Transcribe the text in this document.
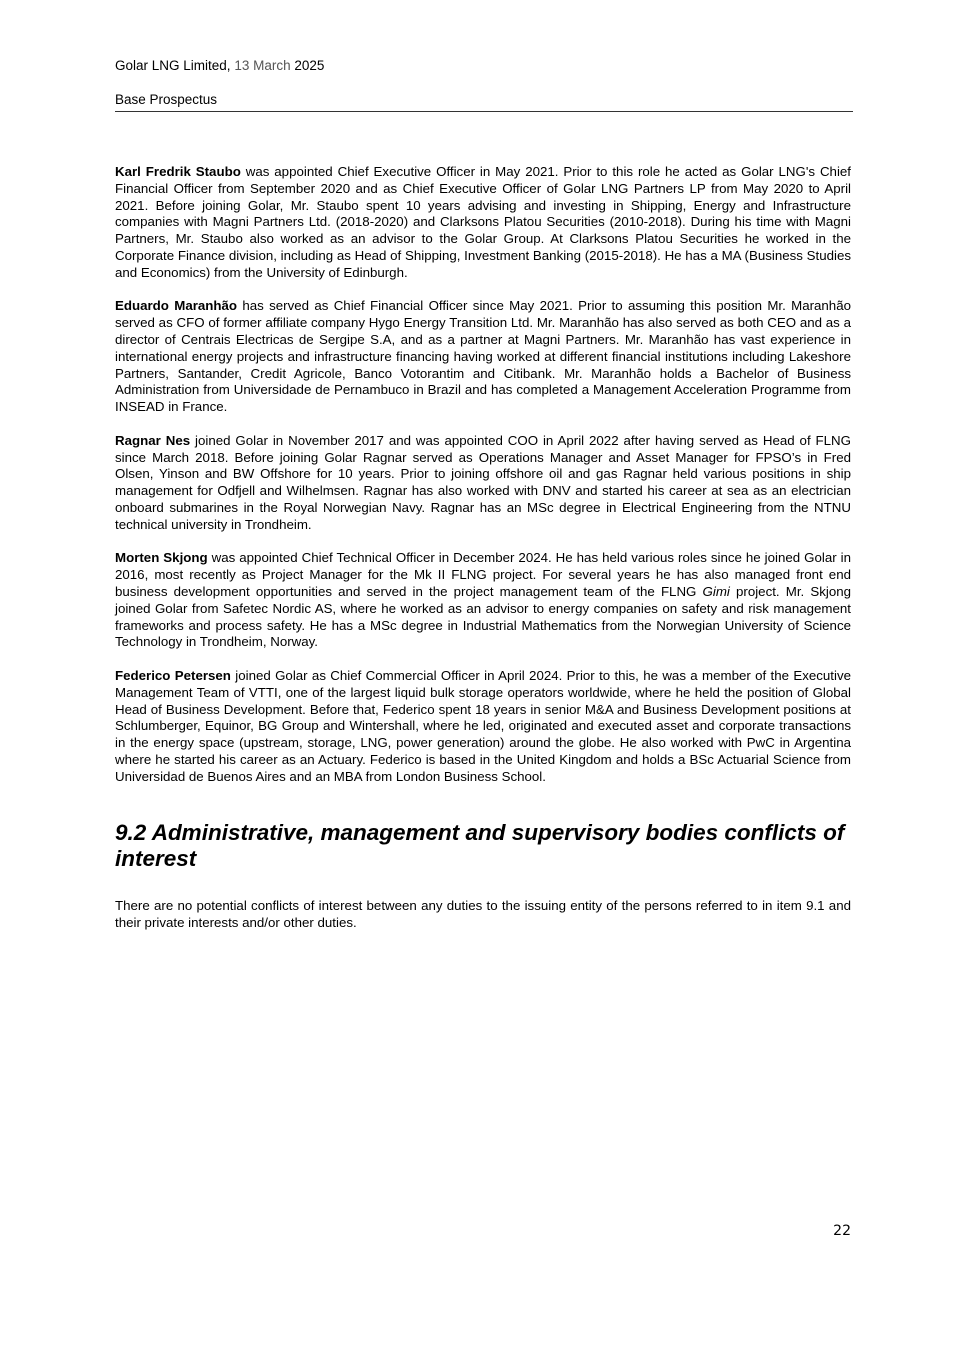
Golar LNG Limited, 13 March 2025
Base Prospectus

Karl Fredrik Staubo was appointed Chief Executive Officer in May 2021. Prior to this role he acted as Golar LNG's Chief Financial Officer from September 2020 and as Chief Executive Officer of Golar LNG Partners LP from May 2020 to April 2021. Before joining Golar, Mr. Staubo spent 10 years advising and investing in Shipping, Energy and Infrastructure companies with Magni Partners Ltd. (2018-2020) and Clarksons Platou Securities (2010-2018). During his time with Magni Partners, Mr. Staubo also worked as an advisor to the Golar Group. At Clarksons Platou Securities he worked in the Corporate Finance division, including as Head of Shipping, Investment Banking (2015-2018). He has a MA (Business Studies and Economics) from the University of Edinburgh.

Eduardo Maranhão has served as Chief Financial Officer since May 2021. Prior to assuming this position Mr. Maranhão served as CFO of former affiliate company Hygo Energy Transition Ltd. Mr. Maranhão has also served as both CEO and as a director of Centrais Electricas de Sergipe S.A, and as a partner at Magni Partners. Mr. Maranhão has vast experience in international energy projects and infrastructure financing having worked at different financial institutions including Lakeshore Partners, Santander, Credit Agricole, Banco Votorantim and Citibank. Mr. Maranhão holds a Bachelor of Business Administration from Universidade de Pernambuco in Brazil and has completed a Management Acceleration Programme from INSEAD in France.

Ragnar Nes joined Golar in November 2017 and was appointed COO in April 2022 after having served as Head of FLNG since March 2018. Before joining Golar Ragnar served as Operations Manager and Asset Manager for FPSO’s in Fred Olsen, Yinson and BW Offshore for 10 years. Prior to joining offshore oil and gas Ragnar held various positions in ship management for Odfjell and Wilhelmsen. Ragnar has also worked with DNV and started his career at sea as an electrician onboard submarines in the Royal Norwegian Navy. Ragnar has an MSc degree in Electrical Engineering from the NTNU technical university in Trondheim.

Morten Skjong was appointed Chief Technical Officer in December 2024. He has held various roles since he joined Golar in 2016, most recently as Project Manager for the Mk II FLNG project. For several years he has also managed front end business development opportunities and served in the project management team of the FLNG Gimi project. Mr. Skjong joined Golar from Safetec Nordic AS, where he worked as an advisor to energy companies on safety and risk management frameworks and process safety. He has a MSc degree in Industrial Mathematics from the Norwegian University of Science Technology in Trondheim, Norway.

Federico Petersen joined Golar as Chief Commercial Officer in April 2024. Prior to this, he was a member of the Executive Management Team of VTTI, one of the largest liquid bulk storage operators worldwide, where he held the position of Global Head of Business Development. Before that, Federico spent 18 years in senior M&A and Business Development positions at Schlumberger, Equinor, BG Group and Wintershall, where he led, originated and executed asset and corporate transactions in the energy space (upstream, storage, LNG, power generation) around the globe. He also worked with PwC in Argentina where he started his career as an Actuary. Federico is based in the United Kingdom and holds a BSc Actuarial Science from Universidad de Buenos Aires and an MBA from London Business School.

9.2 Administrative, management and supervisory bodies conflicts of interest

There are no potential conflicts of interest between any duties to the issuing entity of the persons referred to in item 9.1 and their private interests and/or other duties.

22
